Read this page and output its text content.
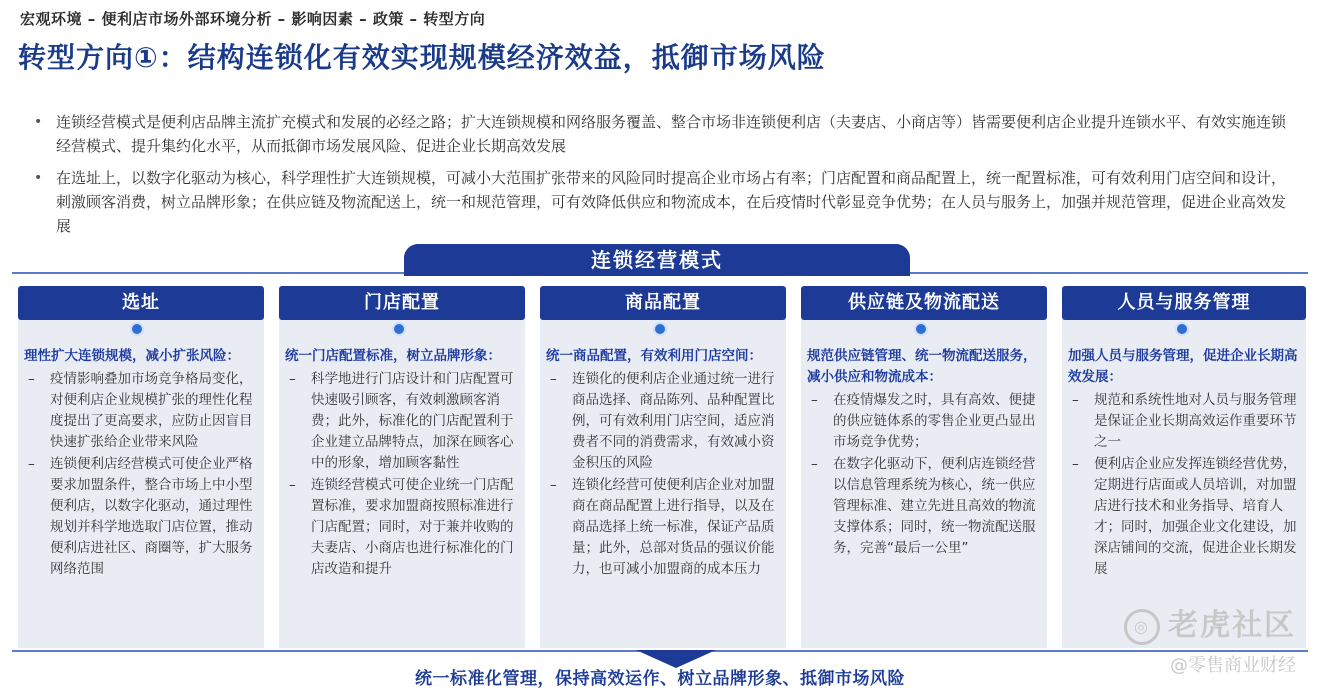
宏观环境 – 便利店市场外部环境分析 – 影响因素 – 政策 – 转型方向
转型方向①：结构连锁化有效实现规模经济效益，抵御市场风险
• 连锁经营模式是便利店品牌主流扩充模式和发展的必经之路；扩大连锁规模和网络服务覆盖、整合市场非连锁便利店（夫妻店、小商店等）皆需要便利店企业提升连锁水平、有效实施连锁经营模式、提升集约化水平，从而抵御市场发展风险、促进企业长期高效发展
• 在选址上，以数字化驱动为核心，科学理性扩大连锁规模，可减小大范围扩张带来的风险同时提高企业市场占有率；门店配置和商品配置上，统一配置标准，可有效利用门店空间和设计，刺激顾客消费，树立品牌形象；在供应链及物流配送上，统一和规范管理，可有效降低供应和物流成本，在后疫情时代彰显竞争优势；在人员与服务上，加强并规范管理，促进企业高效发展
连锁经营模式
选址
理性扩大连锁规模，减小扩张风险：
– 疫情影响叠加市场竞争格局变化，对便利店企业规模扩张的理性化程度提出了更高要求，应防止因盲目快速扩张给企业带来风险
– 连锁便利店经营模式可使企业严格要求加盟条件，整合市场上中小型便利店，以数字化驱动，通过理性规划并科学地选取门店位置，推动便利店进社区、商圈等，扩大服务网络范围
门店配置
统一门店配置标准，树立品牌形象：
– 科学地进行门店设计和门店配置可快速吸引顾客，有效刺激顾客消费；此外，标准化的门店配置利于企业建立品牌特点，加深在顾客心中的形象，增加顾客黏性
– 连锁经营模式可使企业统一门店配置标准，要求加盟商按照标准进行门店配置；同时，对于兼并收购的夫妻店、小商店也进行标准化的门店改造和提升
商品配置
统一商品配置，有效利用门店空间：
– 连锁化的便利店企业通过统一进行商品选择、商品陈列、品种配置比例，可有效利用门店空间，适应消费者不同的消费需求，有效减小资金积压的风险
– 连锁化经营可使便利店企业对加盟商在商品配置上进行指导，以及在商品选择上统一标准，保证产品质量；此外，总部对货品的强议价能力，也可减小加盟商的成本压力
供应链及物流配送
规范供应链管理、统一物流配送服务，减小供应和物流成本：
– 在疫情爆发之时，具有高效、便捷的供应链体系的零售企业更凸显出市场竞争优势；
– 在数字化驱动下，便利店连锁经营以信息管理系统为核心，统一供应管理标准、建立先进且高效的物流支撑体系；同时，统一物流配送服务，完善“最后一公里”
人员与服务管理
加强人员与服务管理，促进企业长期高效发展：
– 规范和系统性地对人员与服务管理是保证企业长期高效运作重要环节之一
– 便利店企业应发挥连锁经营优势，定期进行店面或人员培训，对加盟店进行技术和业务指导、培育人才；同时，加强企业文化建设，加深店铺间的交流，促进企业长期发展
统一标准化管理，保持高效运作、树立品牌形象、抵御市场风险
◎ 老虎社区
@零售商业财经
